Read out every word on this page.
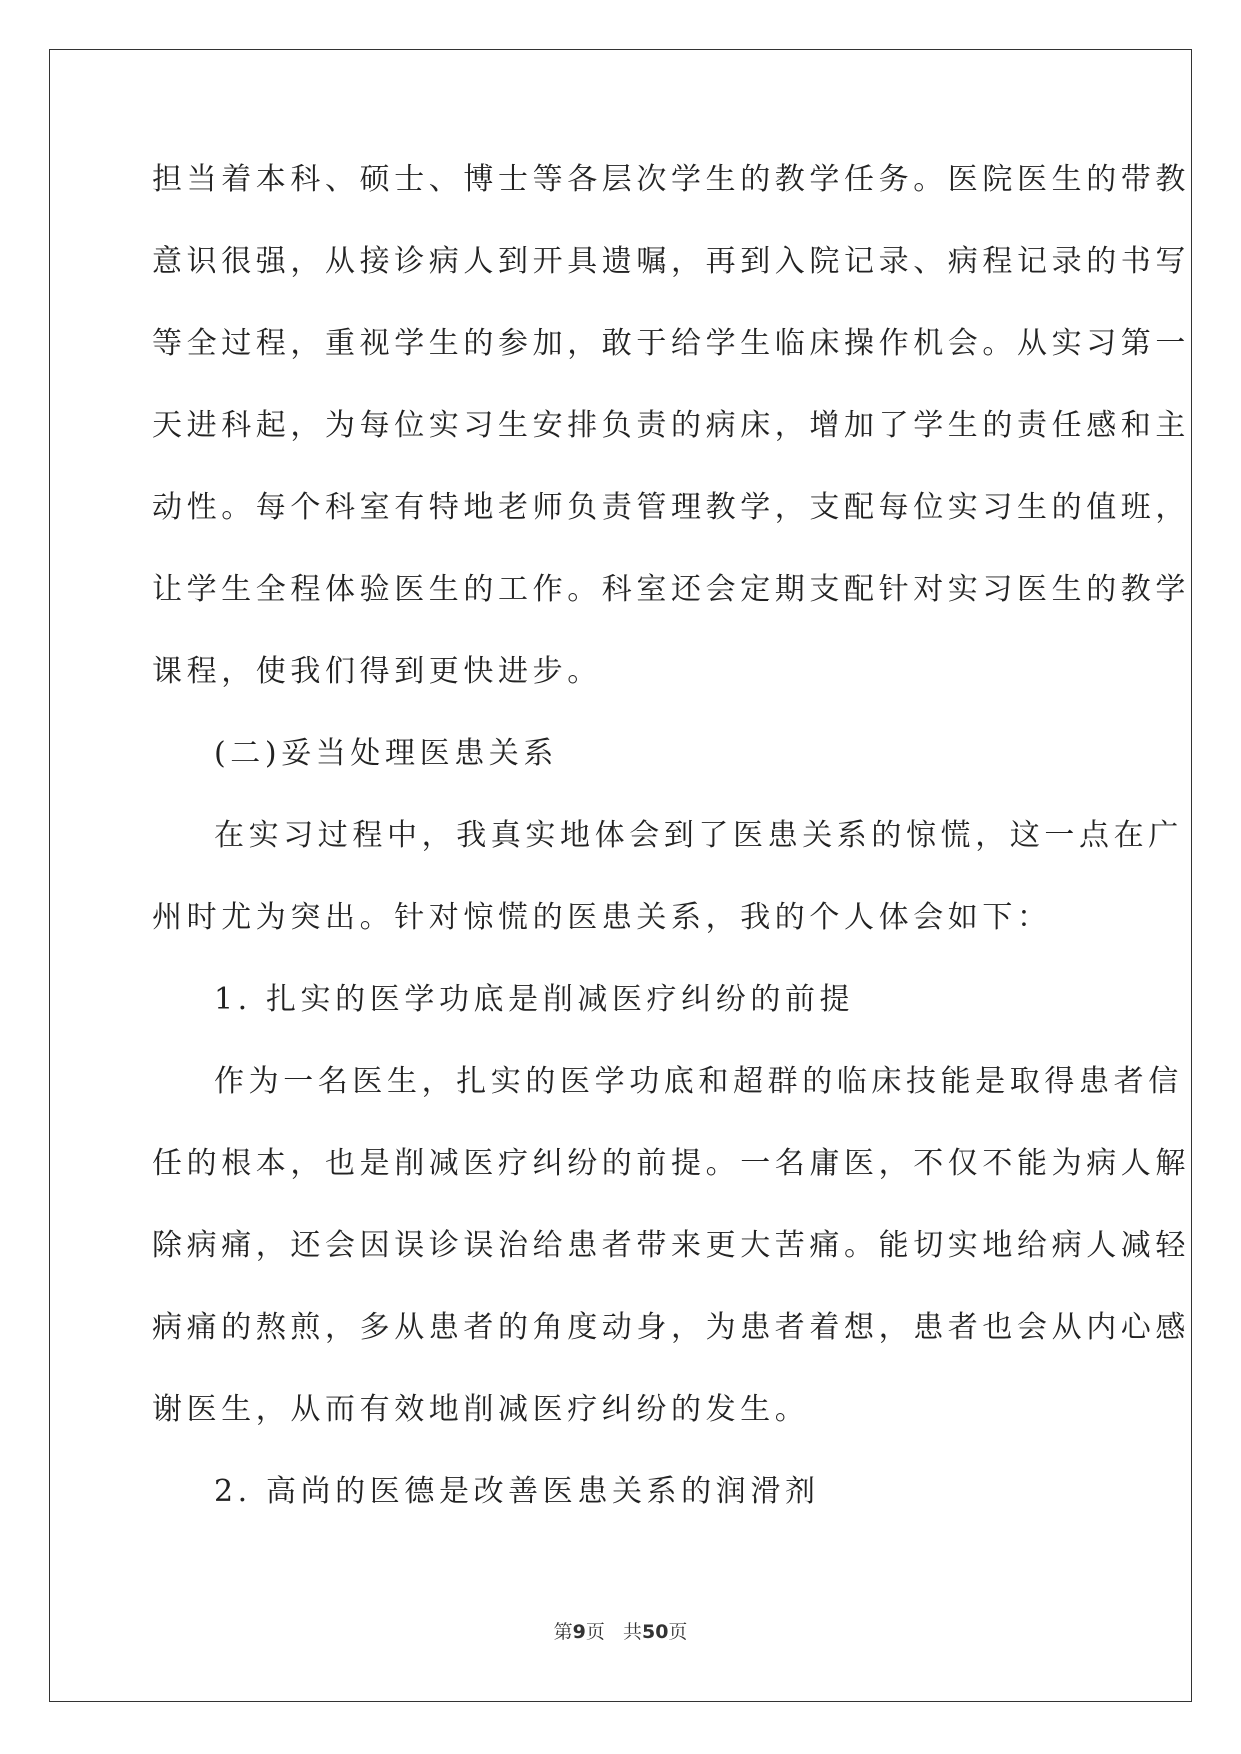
担当着本科、硕士、博士等各层次学生的教学任务。医院医生的带教
意识很强，从接诊病人到开具遗嘱，再到入院记录、病程记录的书写
等全过程，重视学生的参加，敢于给学生临床操作机会。从实习第一
天进科起，为每位实习生安排负责的病床，增加了学生的责任感和主
动性。每个科室有特地老师负责管理教学，支配每位实习生的值班，
让学生全程体验医生的工作。科室还会定期支配针对实习医生的教学
课程，使我们得到更快进步。
(二)妥当处理医患关系
在实习过程中，我真实地体会到了医患关系的惊慌，这一点在广
州时尤为突出。针对惊慌的医患关系，我的个人体会如下：
1. 扎实的医学功底是削减医疗纠纷的前提
作为一名医生，扎实的医学功底和超群的临床技能是取得患者信
任的根本，也是削减医疗纠纷的前提。一名庸医，不仅不能为病人解
除病痛，还会因误诊误治给患者带来更大苦痛。能切实地给病人减轻
病痛的熬煎，多从患者的角度动身，为患者着想，患者也会从内心感
谢医生，从而有效地削减医疗纠纷的发生。
2. 高尚的医德是改善医患关系的润滑剂
第9页 共50页
